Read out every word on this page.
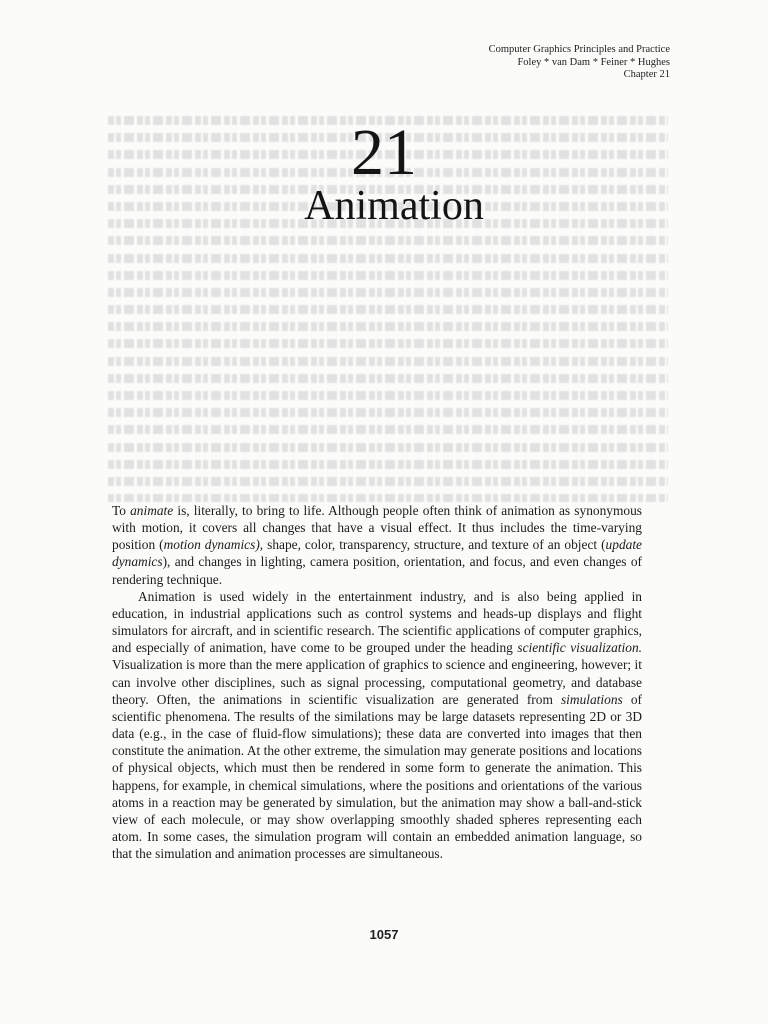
Computer Graphics Principles and Practice
Foley * van Dam * Feiner * Hughes
Chapter 21
21
Animation

To animate is, literally, to bring to life. Although people often think of animation as synonymous with motion, it covers all changes that have a visual effect. It thus includes the time-varying position (motion dynamics), shape, color, transparency, structure, and texture of an object (update dynamics), and changes in lighting, camera position, orientation, and focus, and even changes of rendering technique.

Animation is used widely in the entertainment industry, and is also being applied in education, in industrial applications such as control systems and heads-up displays and flight simulators for aircraft, and in scientific research. The scientific applications of computer graphics, and especially of animation, have come to be grouped under the heading scientific visualization. Visualization is more than the mere application of graphics to science and engineering, however; it can involve other disciplines, such as signal processing, computational geometry, and database theory. Often, the animations in scientific visualization are generated from simulations of scientific phenomena. The results of the similations may be large datasets representing 2D or 3D data (e.g., in the case of fluid-flow simulations); these data are converted into images that then constitute the animation. At the other extreme, the simulation may generate positions and locations of physical objects, which must then be rendered in some form to generate the animation. This happens, for example, in chemical simulations, where the positions and orientations of the various atoms in a reaction may be generated by simulation, but the animation may show a ball-and-stick view of each molecule, or may show overlapping smoothly shaded spheres representing each atom. In some cases, the simulation program will contain an embedded animation language, so that the simulation and animation processes are simultaneous.

1057
